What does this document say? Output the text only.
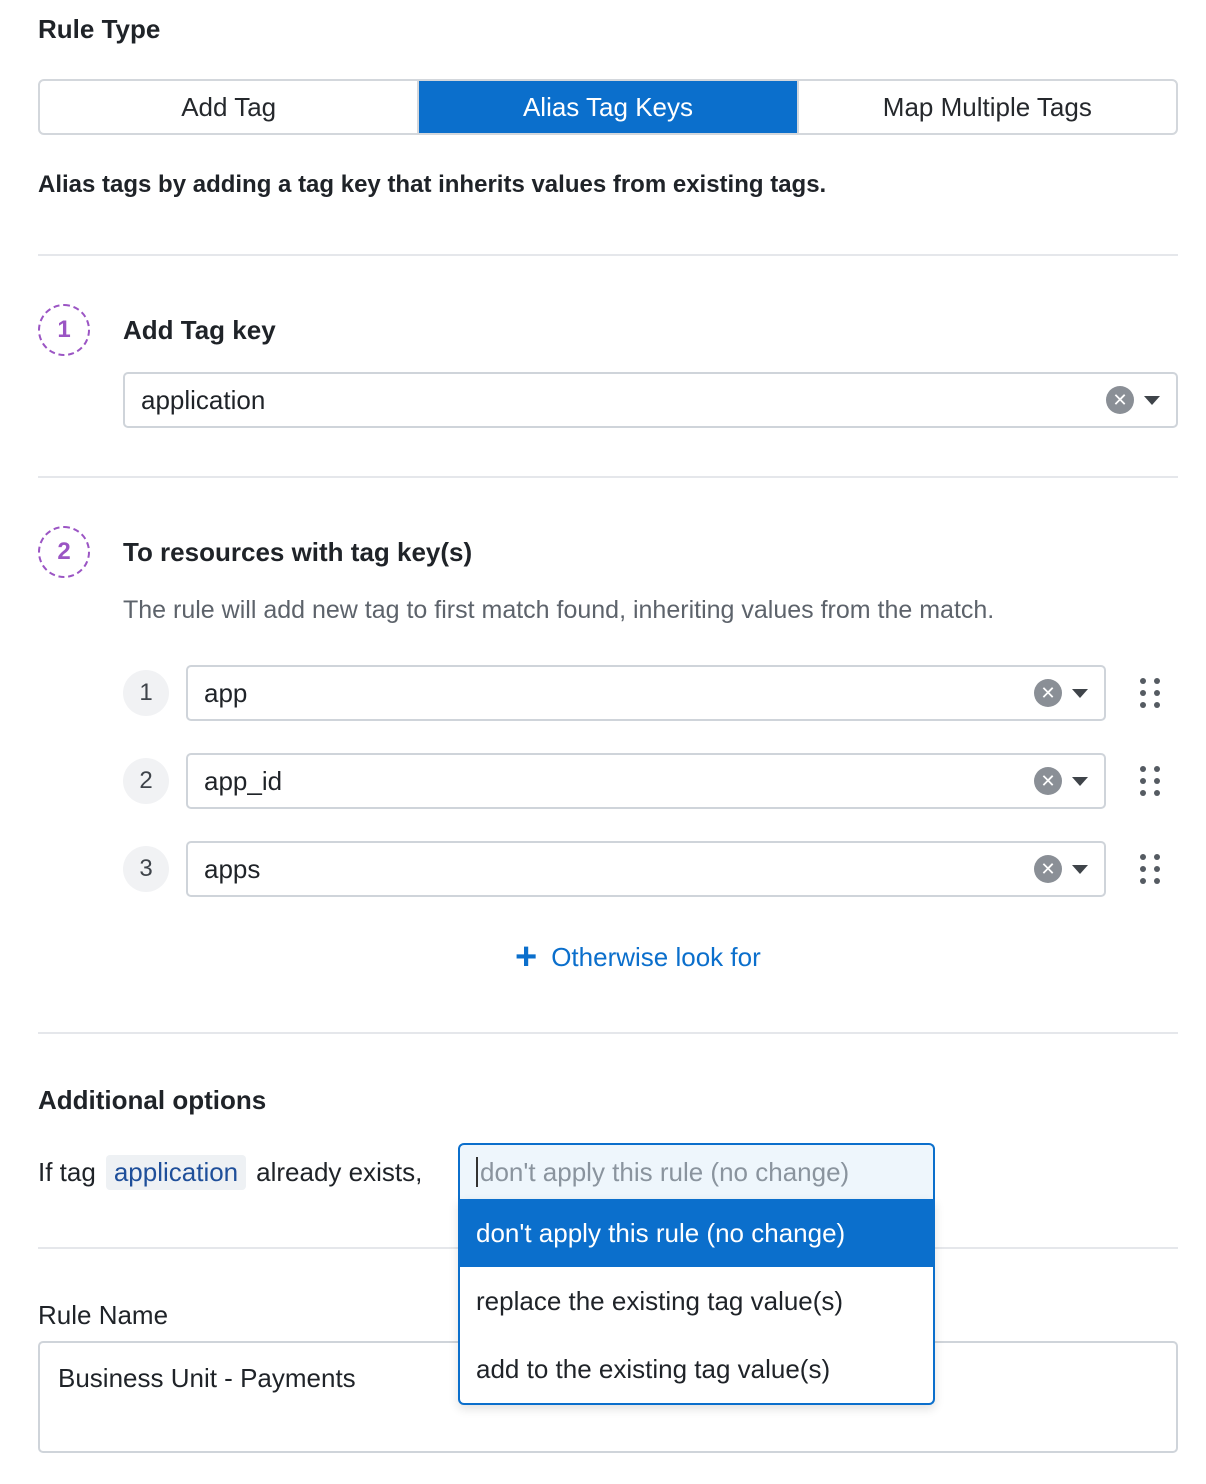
Rule Type
Add Tag	Alias Tag Keys	Map Multiple Tags
Alias tags by adding a tag key that inherits values from existing tags.
1	Add Tag key
application	✕
2	To resources with tag key(s)
The rule will add new tag to first match found, inheriting values from the match.
1	app	✕
2	app_id	✕
3	apps	✕
+ Otherwise look for
Additional options
If tag application already exists,
Rule Name
Business Unit - Payments
don't apply this rule (no change)
don't apply this rule (no change)
replace the existing tag value(s)
add to the existing tag value(s)
